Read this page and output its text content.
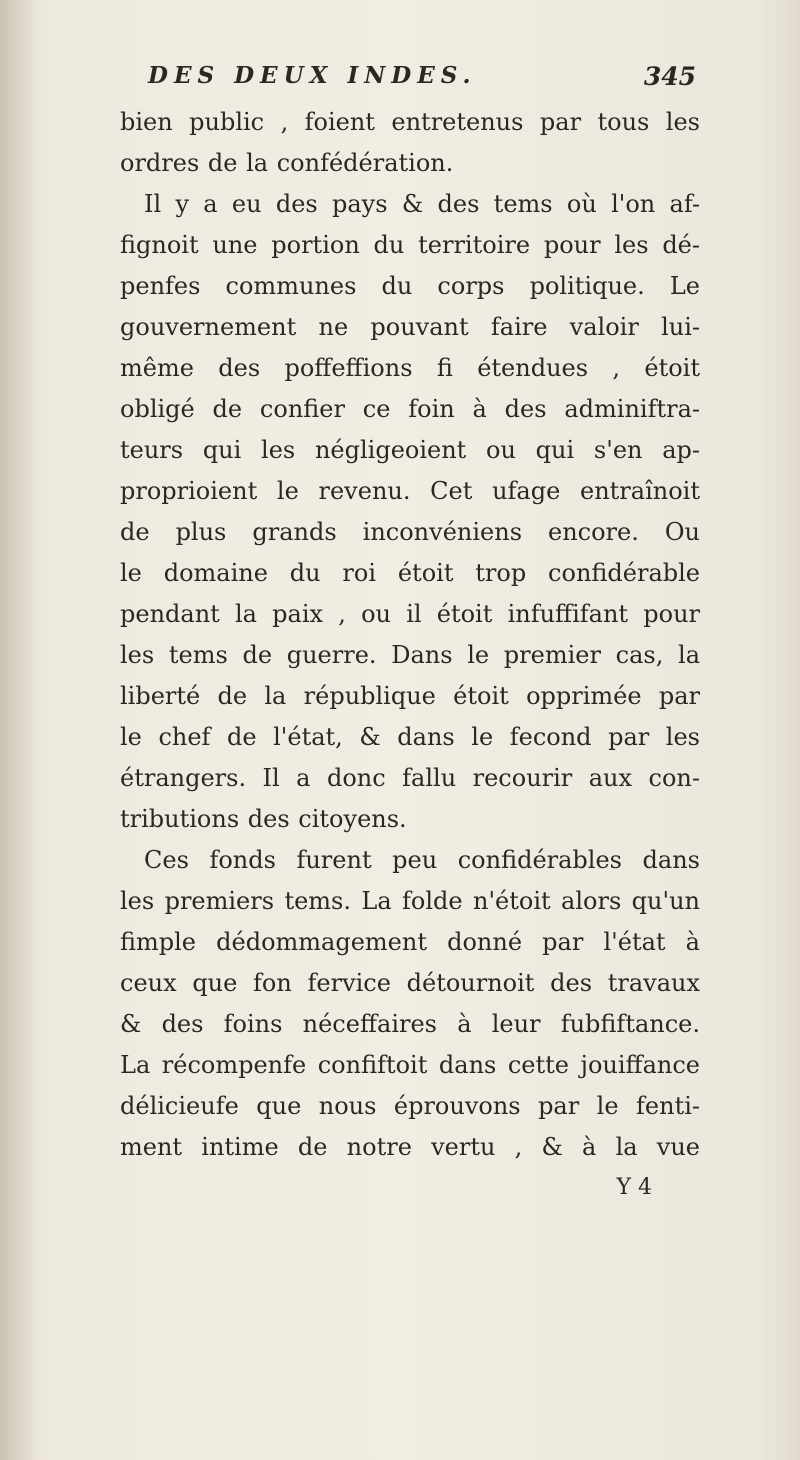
DES DEUX INDES.	345
bien public , foient entretenus par tous les
ordres de la confédération.
Il y a eu des pays & des tems où l'on af-
fignoit une portion du territoire pour les dé-
penfes communes du corps politique. Le
gouvernement ne pouvant faire valoir lui-
même des poffeffions fi étendues , étoit
obligé de confier ce foin à des adminiftra-
teurs qui les négligeoient ou qui s'en ap-
proprioient le revenu. Cet ufage entraînoit
de plus grands inconvéniens encore. Ou
le domaine du roi étoit trop confidérable
pendant la paix , ou il étoit infuffifant pour
les tems de guerre. Dans le premier cas, la
liberté de la république étoit opprimée par
le chef de l'état, & dans le fecond par les
étrangers. Il a donc fallu recourir aux con-
tributions des citoyens.
Ces fonds furent peu confidérables dans
les premiers tems. La folde n'étoit alors qu'un
fimple dédommagement donné par l'état à
ceux que fon fervice détournoit des travaux
& des foins néceffaires à leur fubfiftance.
La récompenfe confiftoit dans cette jouiffance
délicieufe que nous éprouvons par le fenti-
ment intime de notre vertu , & à la vue
Y 4
